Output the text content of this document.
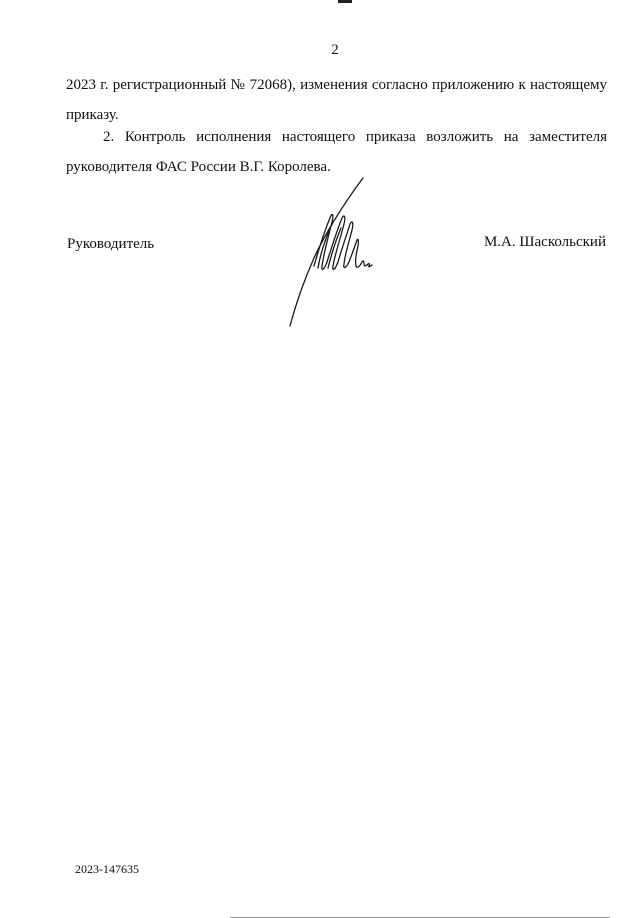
2
2023 г. регистрационный № 72068), изменения согласно приложению к настоящему
приказу.
2. Контроль исполнения настоящего приказа возложить на заместителя
руководителя ФАС России В.Г. Королева.
Руководитель	М.А. Шаскольский
2023-147635
